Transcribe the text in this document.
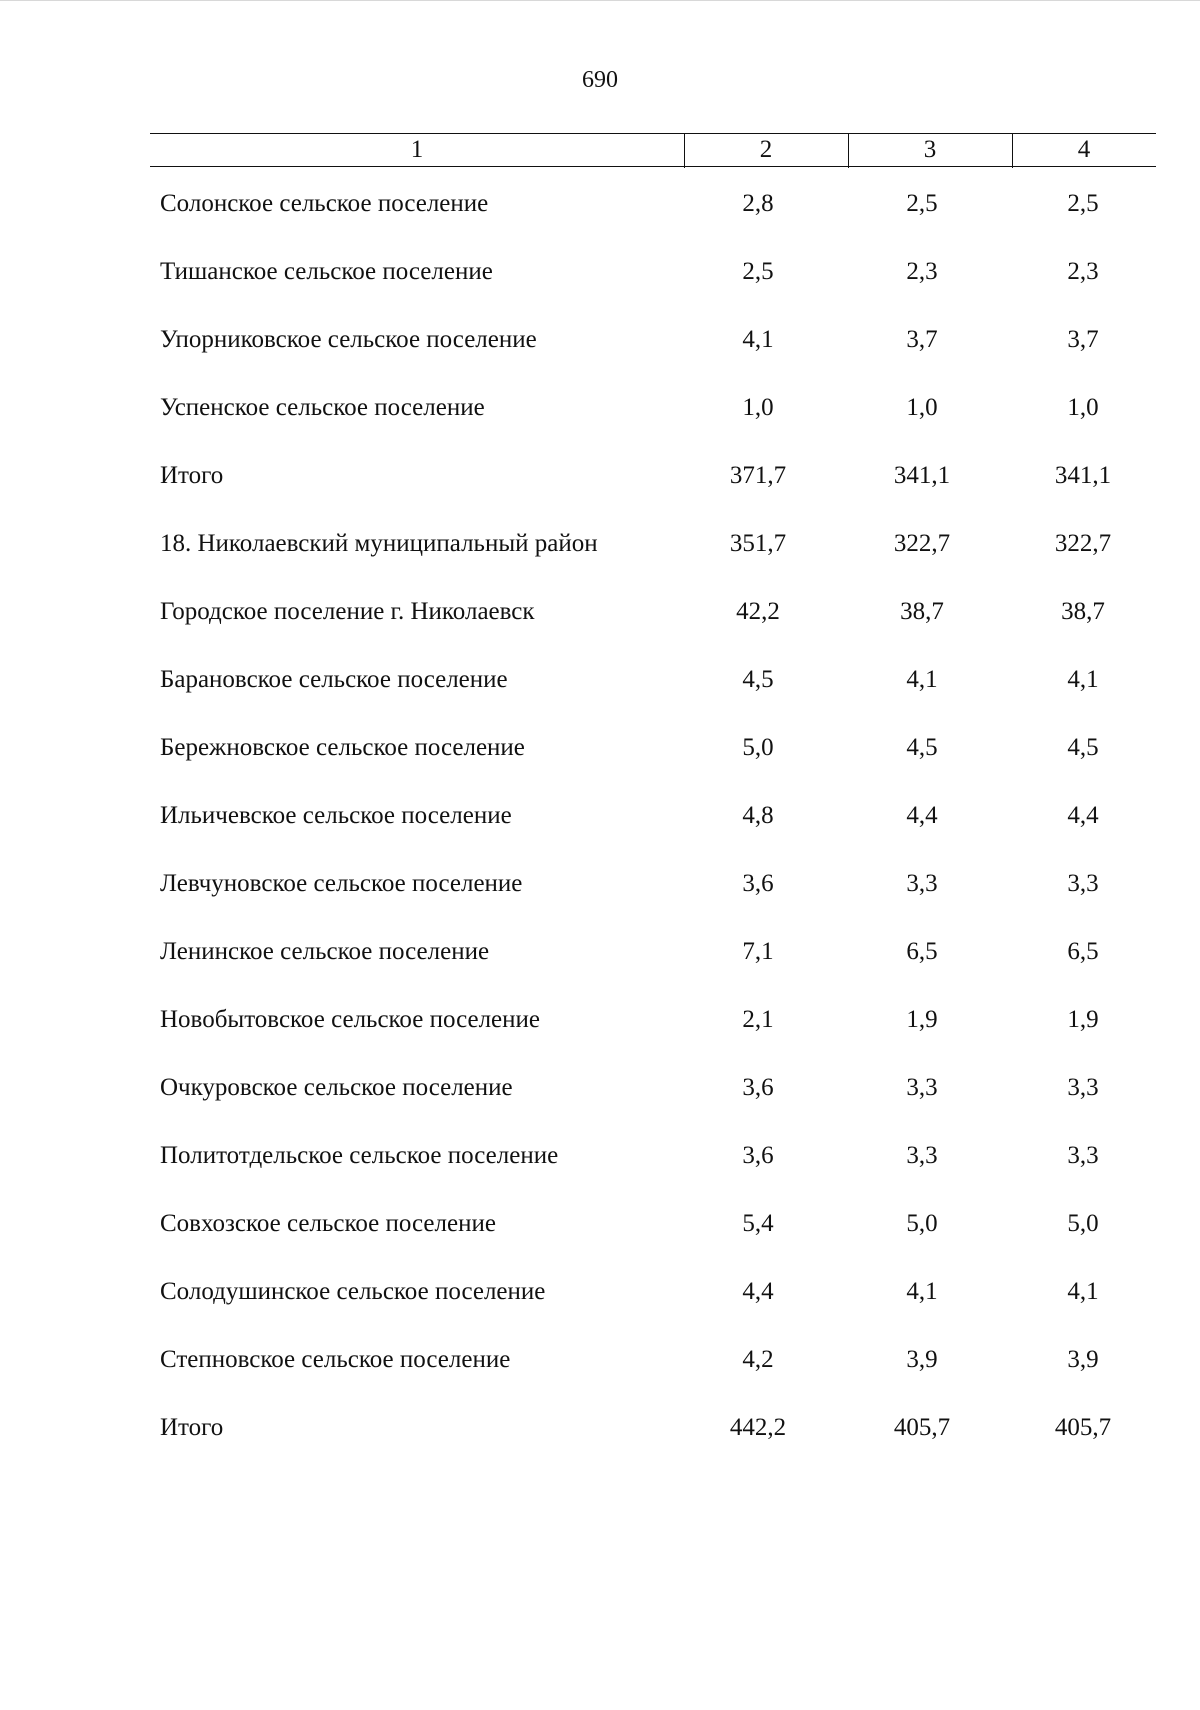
690
1	2	3	4
Солонское сельское поселение	2,8	2,5	2,5
Тишанское сельское поселение	2,5	2,3	2,3
Упорниковское сельское поселение	4,1	3,7	3,7
Успенское сельское поселение	1,0	1,0	1,0
Итого	371,7	341,1	341,1
18. Николаевский муниципальный район	351,7	322,7	322,7
Городское поселение г. Николаевск	42,2	38,7	38,7
Барановское сельское поселение	4,5	4,1	4,1
Бережновское сельское поселение	5,0	4,5	4,5
Ильичевское сельское поселение	4,8	4,4	4,4
Левчуновское сельское поселение	3,6	3,3	3,3
Ленинское сельское поселение	7,1	6,5	6,5
Новобытовское сельское поселение	2,1	1,9	1,9
Очкуровское сельское поселение	3,6	3,3	3,3
Политотдельское сельское поселение	3,6	3,3	3,3
Совхозское сельское поселение	5,4	5,0	5,0
Солодушинское сельское поселение	4,4	4,1	4,1
Степновское сельское поселение	4,2	3,9	3,9
Итого	442,2	405,7	405,7
